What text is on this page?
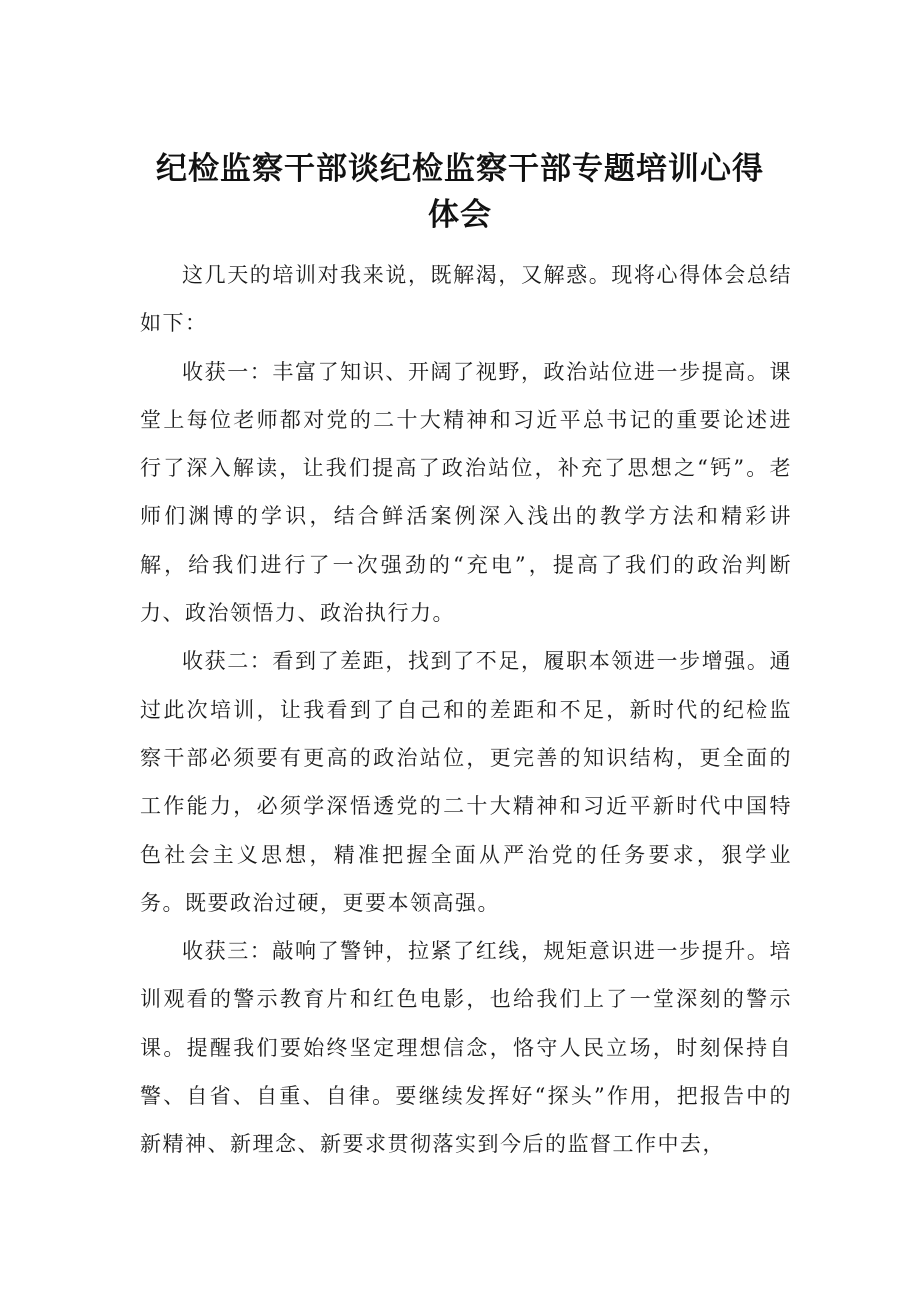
纪检监察干部谈纪检监察干部专题培训心得
体会

这几天的培训对我来说，既解渴，又解惑。现将心得体会总结如下：

收获一：丰富了知识、开阔了视野，政治站位进一步提高。课堂上每位老师都对党的二十大精神和习近平总书记的重要论述进行了深入解读，让我们提高了政治站位，补充了思想之“钙”。老师们渊博的学识，结合鲜活案例深入浅出的教学方法和精彩讲解，给我们进行了一次强劲的“充电”，提高了我们的政治判断力、政治领悟力、政治执行力。

收获二：看到了差距，找到了不足，履职本领进一步增强。通过此次培训，让我看到了自己和的差距和不足，新时代的纪检监察干部必须要有更高的政治站位，更完善的知识结构，更全面的工作能力，必须学深悟透党的二十大精神和习近平新时代中国特色社会主义思想，精准把握全面从严治党的任务要求，狠学业务。既要政治过硬，更要本领高强。

收获三：敲响了警钟，拉紧了红线，规矩意识进一步提升。培训观看的警示教育片和红色电影，也给我们上了一堂深刻的警示课。提醒我们要始终坚定理想信念，恪守人民立场，时刻保持自警、自省、自重、自律。要继续发挥好“探头”作用，把报告中的新精神、新理念、新要求贯彻落实到今后的监督工作中去，
